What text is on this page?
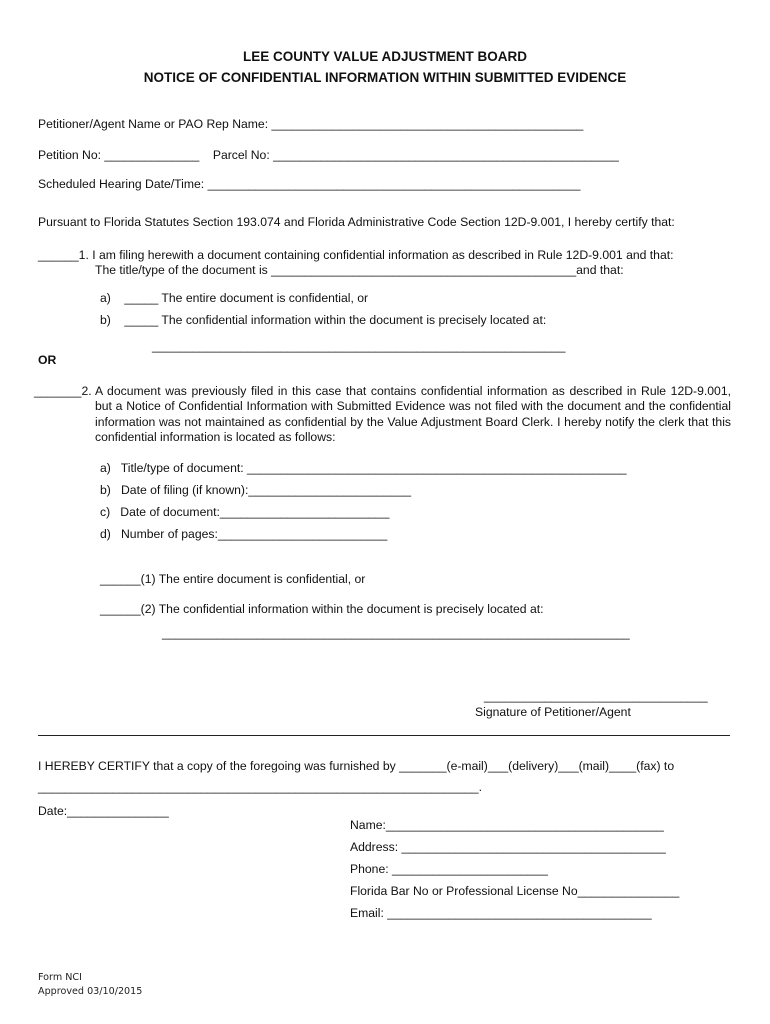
LEE COUNTY VALUE ADJUSTMENT BOARD
NOTICE OF CONFIDENTIAL INFORMATION WITHIN SUBMITTED EVIDENCE
Petitioner/Agent Name or PAO Rep Name: ______________________________________________
Petition No: ______________    Parcel No: ___________________________________________________
Scheduled Hearing Date/Time: _______________________________________________________
Pursuant to Florida Statutes Section 193.074 and Florida Administrative Code Section 12D-9.001, I hereby certify that:
______1. I am filing herewith a document containing confidential information as described in Rule 12D-9.001 and that:
The title/type of the document is _____________________________________________and that:
a)    _____ The entire document is confidential, or
b)    _____ The confidential information within the document is precisely located at:
_____________________________________________________________
OR
_______2. A document was previously filed in this case that contains confidential information as described in Rule 12D-9.001, but a Notice of Confidential Information with Submitted Evidence was not filed with the document and the confidential information was not maintained as confidential by the Value Adjustment Board Clerk. I hereby notify the clerk that this confidential information is located as follows:
a)   Title/type of document: ________________________________________________________
b)   Date of filing (if known):________________________
c)   Date of document:_________________________
d)   Number of pages:_________________________
______(1) The entire document is confidential, or
______(2) The confidential information within the document is precisely located at:
_____________________________________________________________________
_________________________________
Signature of Petitioner/Agent
I HEREBY CERTIFY that a copy of the foregoing was furnished by _______(e-mail)___(delivery)___(mail)____(fax) to
_________________________________________________________________.
Date:_______________
Name:_________________________________________
Address: _______________________________________
Phone: _______________________
Florida Bar No or Professional License No_______________
Email: _______________________________________
Form NCI
Approved 03/10/2015
